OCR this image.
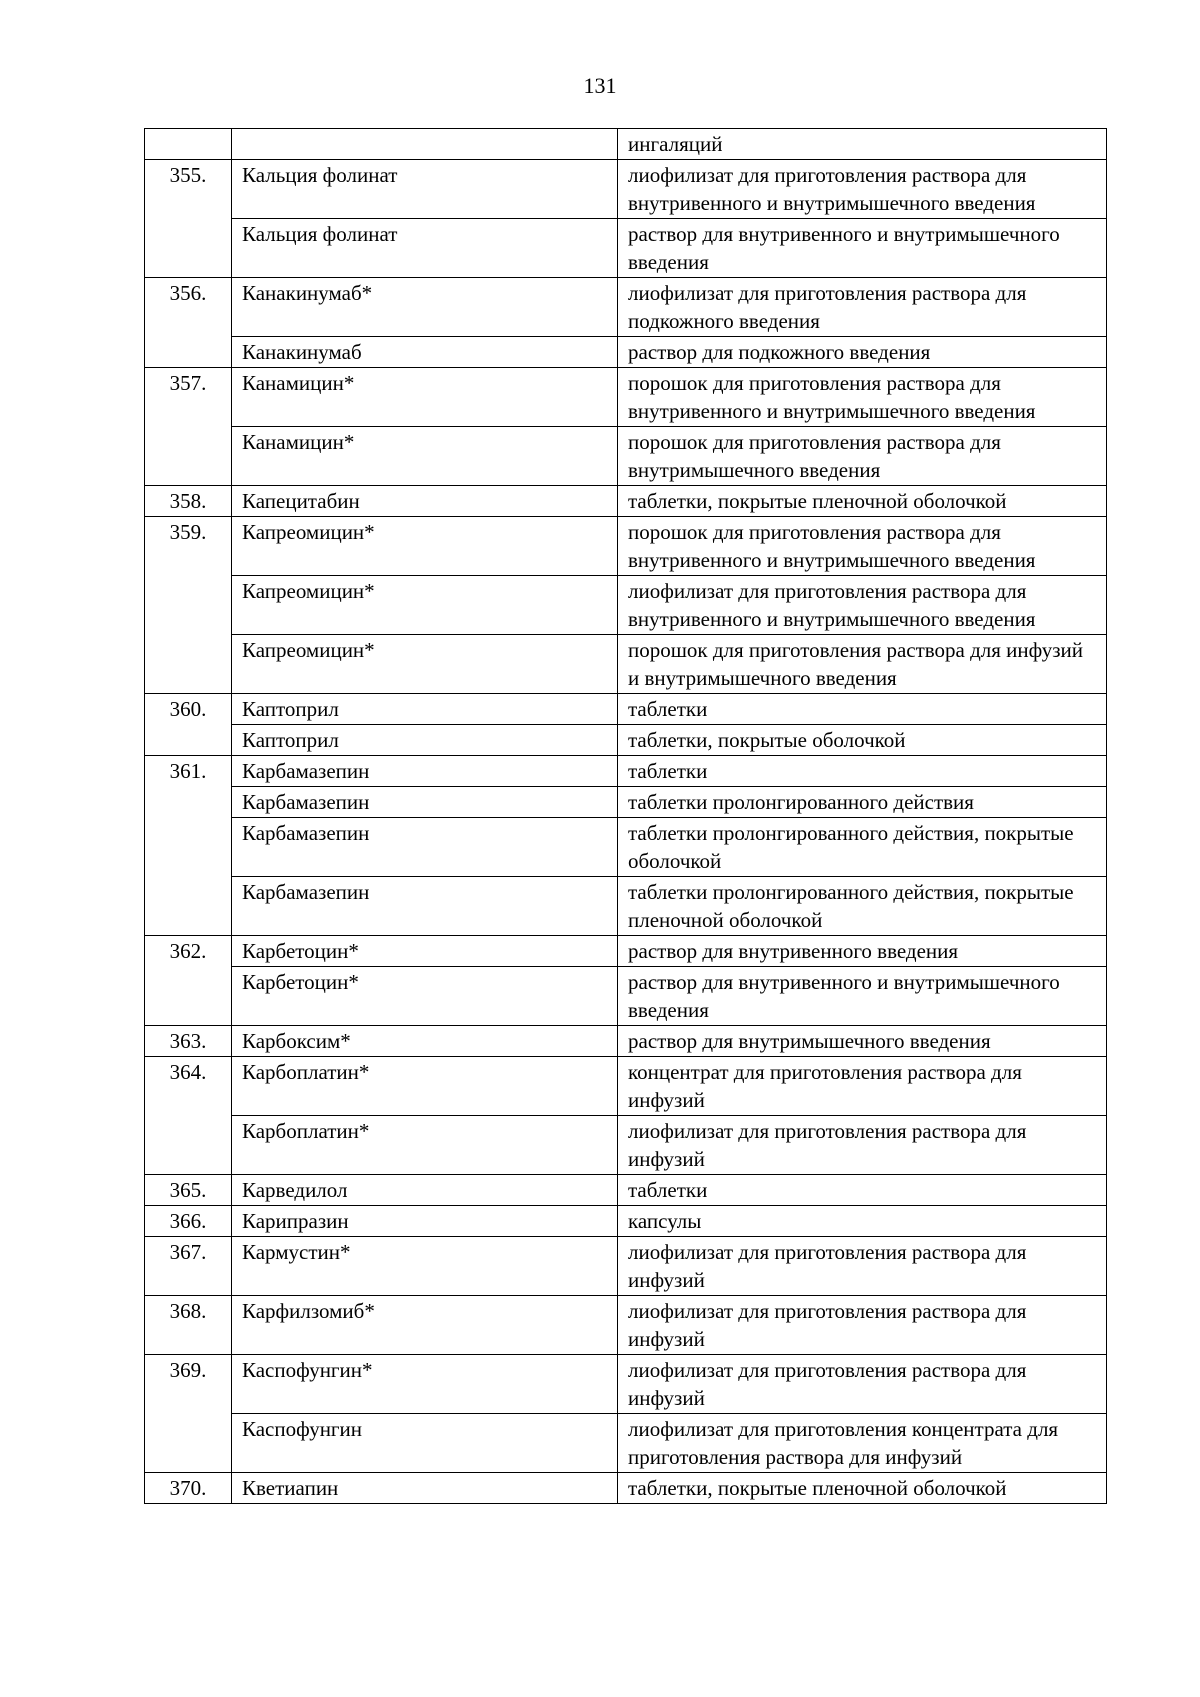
131
		ингаляций
355.	Кальция фолинат	лиофилизат для приготовления раствора для внутривенного и внутримышечного введения
	Кальция фолинат	раствор для внутривенного и внутримышечного введения
356.	Канакинумаб*	лиофилизат для приготовления раствора для подкожного введения
	Канакинумаб	раствор для подкожного введения
357.	Канамицин*	порошок для приготовления раствора для внутривенного и внутримышечного введения
	Канамицин*	порошок для приготовления раствора для внутримышечного введения
358.	Капецитабин	таблетки, покрытые пленочной оболочкой
359.	Капреомицин*	порошок для приготовления раствора для внутривенного и внутримышечного введения
	Капреомицин*	лиофилизат для приготовления раствора для внутривенного и внутримышечного введения
	Капреомицин*	порошок для приготовления раствора для инфузий и внутримышечного введения
360.	Каптоприл	таблетки
	Каптоприл	таблетки, покрытые оболочкой
361.	Карбамазепин	таблетки
	Карбамазепин	таблетки пролонгированного действия
	Карбамазепин	таблетки пролонгированного действия, покрытые оболочкой
	Карбамазепин	таблетки пролонгированного действия, покрытые пленочной оболочкой
362.	Карбетоцин*	раствор для внутривенного введения
	Карбетоцин*	раствор для внутривенного и внутримышечного введения
363.	Карбоксим*	раствор для внутримышечного введения
364.	Карбоплатин*	концентрат для приготовления раствора для инфузий
	Карбоплатин*	лиофилизат для приготовления раствора для инфузий
365.	Карведилол	таблетки
366.	Карипразин	капсулы
367.	Кармустин*	лиофилизат для приготовления раствора для инфузий
368.	Карфилзомиб*	лиофилизат для приготовления раствора для инфузий
369.	Каспофунгин*	лиофилизат для приготовления раствора для инфузий
	Каспофунгин	лиофилизат для приготовления концентрата для приготовления раствора для инфузий
370.	Кветиапин	таблетки, покрытые пленочной оболочкой
